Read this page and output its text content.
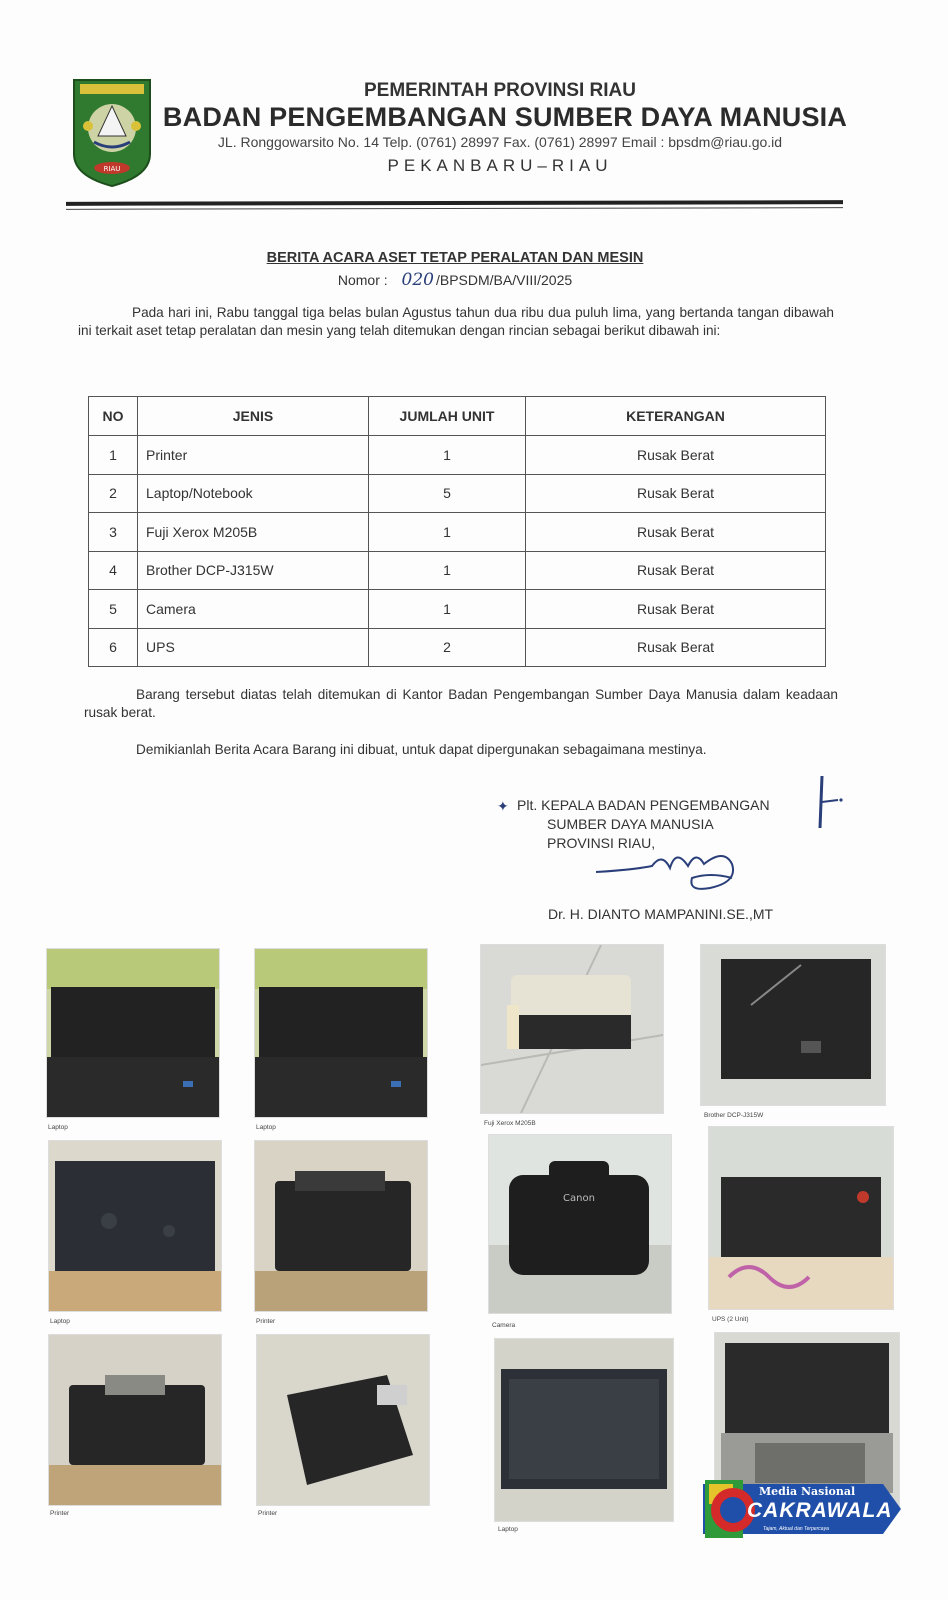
RIAU
PEMERINTAH PROVINSI RIAU
BADAN PENGEMBANGAN SUMBER DAYA MANUSIA
JL. Ronggowarsito No. 14 Telp. (0761) 28997 Fax. (0761) 28997 Email : bpsdm@riau.go.id
PEKANBARU–RIAU
BERITA ACARA ASET TETAP PERALATAN DAN MESIN
Nomor : 020 /BPSDM/BA/VIII/2025
Pada hari ini, Rabu tanggal tiga belas bulan Agustus tahun dua ribu dua puluh lima, yang bertanda tangan dibawah ini terkait aset tetap peralatan dan mesin yang telah ditemukan dengan rincian sebagai berikut dibawah ini:
NO	JENIS	JUMLAH UNIT	KETERANGAN
1	Printer	1	Rusak Berat
2	Laptop/Notebook	5	Rusak Berat
3	Fuji Xerox M205B	1	Rusak Berat
4	Brother DCP-J315W	1	Rusak Berat
5	Camera	1	Rusak Berat
6	UPS	2	Rusak Berat
Barang tersebut diatas telah ditemukan di Kantor Badan Pengembangan Sumber Daya Manusia dalam keadaan rusak berat.
Demikianlah Berita Acara Barang ini dibuat, untuk dapat dipergunakan sebagaimana mestinya.
✦ Plt. KEPALA BADAN PENGEMBANGAN
SUMBER DAYA MANUSIA
PROVINSI RIAU,
Dr. H. DIANTO MAMPANINI.SE.,MT
Laptop	Laptop
Fuji Xerox M205B
Brother DCP-J315W
Laptop	Printer
Canon
Camera
UPS (2 Unit)
Printer	Printer
Laptop
Media Nasional
CAKRAWALA
Tajam, Aktual dan Terpercaya
